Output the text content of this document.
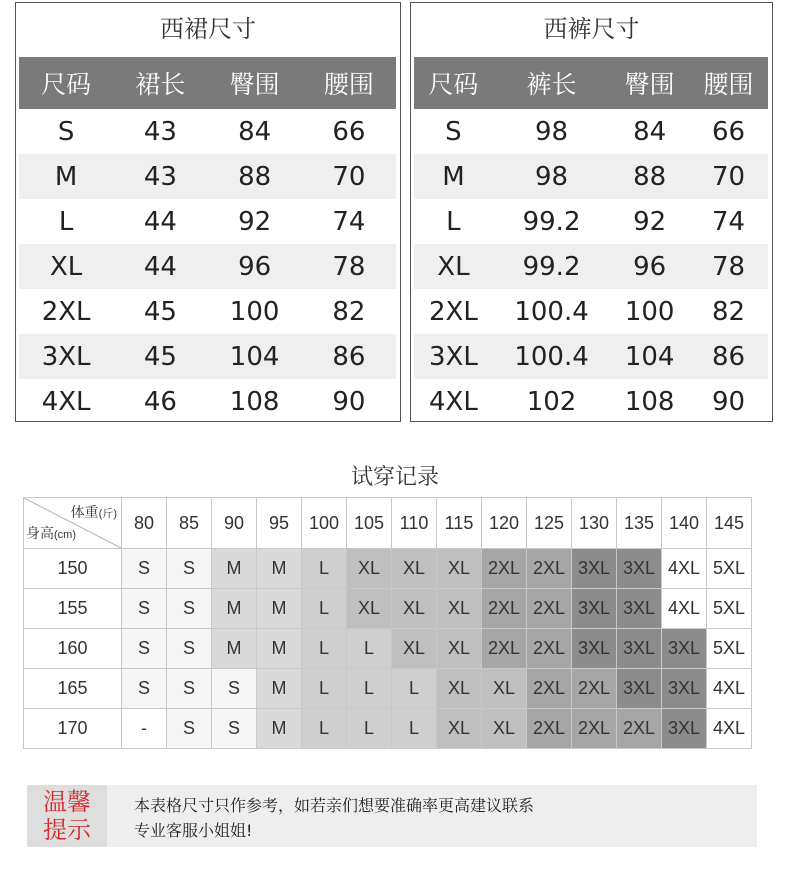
西裙尺寸
尺码	裙长	臀围	腰围
S	43	84	66
M	43	88	70
L	44	92	74
XL	44	96	78
2XL	45	100	82
3XL	45	104	86
4XL	46	108	90
西裤尺寸
尺码	裤长	臀围	腰围
S	98	84	66
M	98	88	70
L	99.2	92	74
XL	99.2	96	78
2XL	100.4	100	82
3XL	100.4	104	86
4XL	102	108	90
试穿记录
体重(斤)
身高(cm)	80	85	90	95	100	105	110	115	120	125	130	135	140	145
150	S	S	M	M	L	XL	XL	XL	2XL	2XL	3XL	3XL	4XL	5XL
155	S	S	M	M	L	XL	XL	XL	2XL	2XL	3XL	3XL	4XL	5XL
160	S	S	M	M	L	L	XL	XL	2XL	2XL	3XL	3XL	3XL	5XL
165	S	S	S	M	L	L	L	XL	XL	2XL	2XL	3XL	3XL	4XL
170	-	S	S	M	L	L	L	XL	XL	2XL	2XL	2XL	3XL	4XL
温馨
提示
本表格尺寸只作参考，如若亲们想要准确率更高建议联系
专业客服小姐姐!
